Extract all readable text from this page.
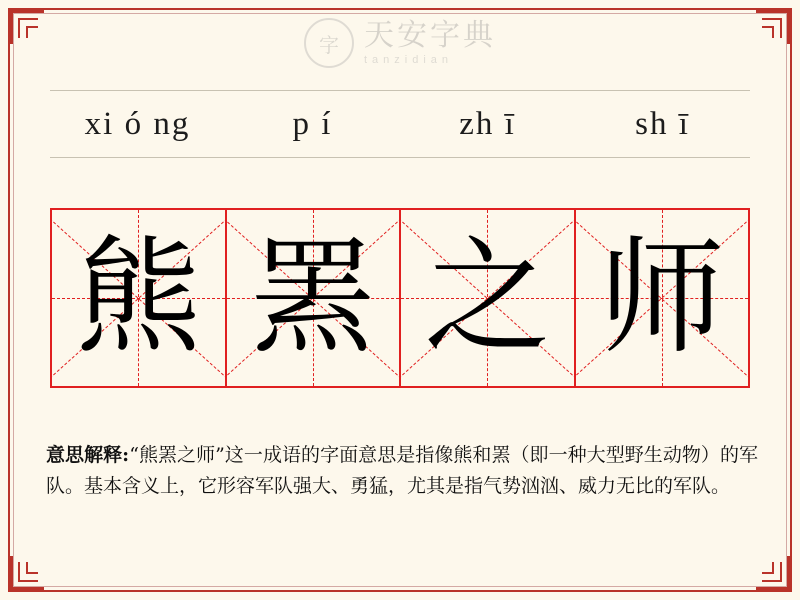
字 天安字典
tanzidian
xi ó ng	p í	zh ī	sh ī
熊 罴 之 师
意思解释:“熊罴之师”这一成语的字面意思是指像熊和罴（即一种大型野生动物）的军队。基本含义上，它形容军队强大、勇猛，尤其是指气势汹汹、威力无比的军队。
